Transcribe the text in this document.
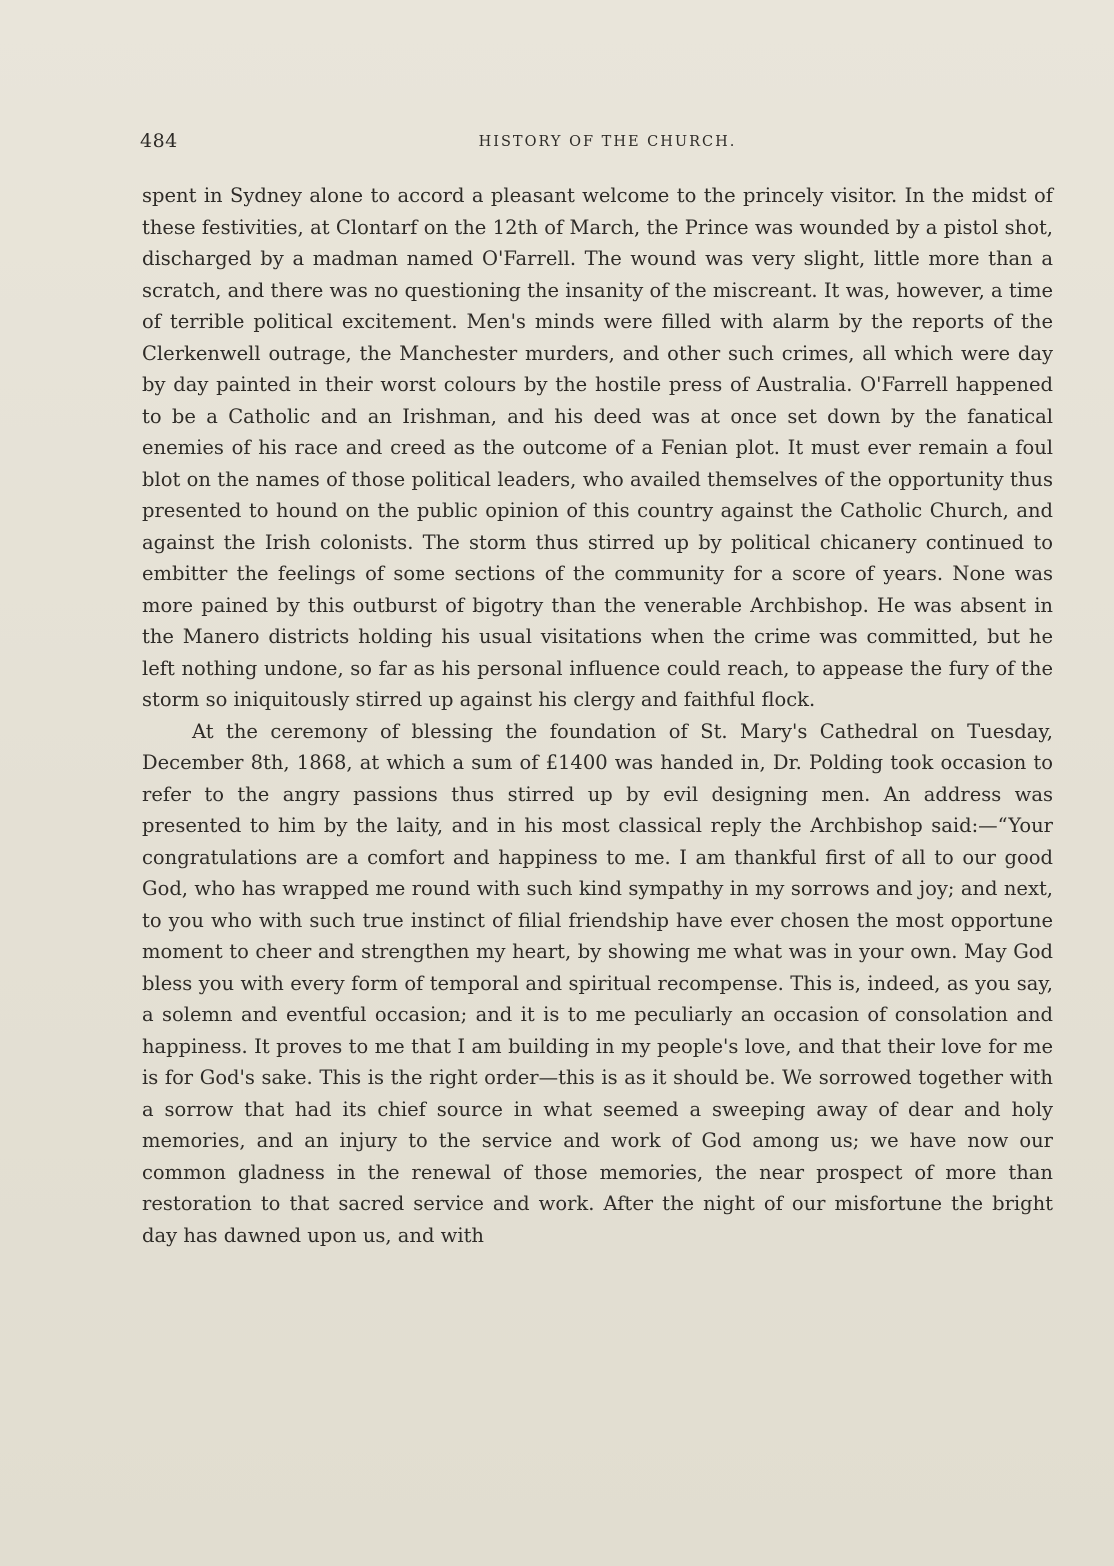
484	HISTORY OF THE CHURCH.

spent in Sydney alone to accord a pleasant welcome to the princely visitor. In the midst of these festivities, at Clontarf on the 12th of March, the Prince was wounded by a pistol shot, discharged by a madman named O'Farrell. The wound was very slight, little more than a scratch, and there was no questioning the insanity of the miscreant. It was, however, a time of terrible political excitement. Men's minds were filled with alarm by the reports of the Clerkenwell outrage, the Manchester murders, and other such crimes, all which were day by day painted in their worst colours by the hostile press of Australia. O'Farrell happened to be a Catholic and an Irishman, and his deed was at once set down by the fanatical enemies of his race and creed as the outcome of a Fenian plot. It must ever remain a foul blot on the names of those political leaders, who availed themselves of the opportunity thus presented to hound on the public opinion of this country against the Catholic Church, and against the Irish colonists. The storm thus stirred up by political chicanery continued to embitter the feelings of some sections of the community for a score of years. None was more pained by this outburst of bigotry than the venerable Archbishop. He was absent in the Manero districts holding his usual visitations when the crime was committed, but he left nothing undone, so far as his personal influence could reach, to appease the fury of the storm so iniquitously stirred up against his clergy and faithful flock.

At the ceremony of blessing the foundation of St. Mary's Cathedral on Tuesday, December 8th, 1868, at which a sum of £1400 was handed in, Dr. Polding took occasion to refer to the angry passions thus stirred up by evil designing men. An address was presented to him by the laity, and in his most classical reply the Archbishop said:—“Your congratulations are a comfort and happiness to me. I am thankful first of all to our good God, who has wrapped me round with such kind sympathy in my sorrows and joy; and next, to you who with such true instinct of filial friendship have ever chosen the most opportune moment to cheer and strengthen my heart, by showing me what was in your own. May God bless you with every form of temporal and spiritual recompense. This is, indeed, as you say, a solemn and eventful occasion; and it is to me peculiarly an occasion of consolation and happiness. It proves to me that I am building in my people's love, and that their love for me is for God's sake. This is the right order—this is as it should be. We sorrowed together with a sorrow that had its chief source in what seemed a sweeping away of dear and holy memories, and an injury to the service and work of God among us; we have now our common gladness in the renewal of those memories, the near prospect of more than restoration to that sacred service and work. After the night of our misfortune the bright day has dawned upon us, and with
